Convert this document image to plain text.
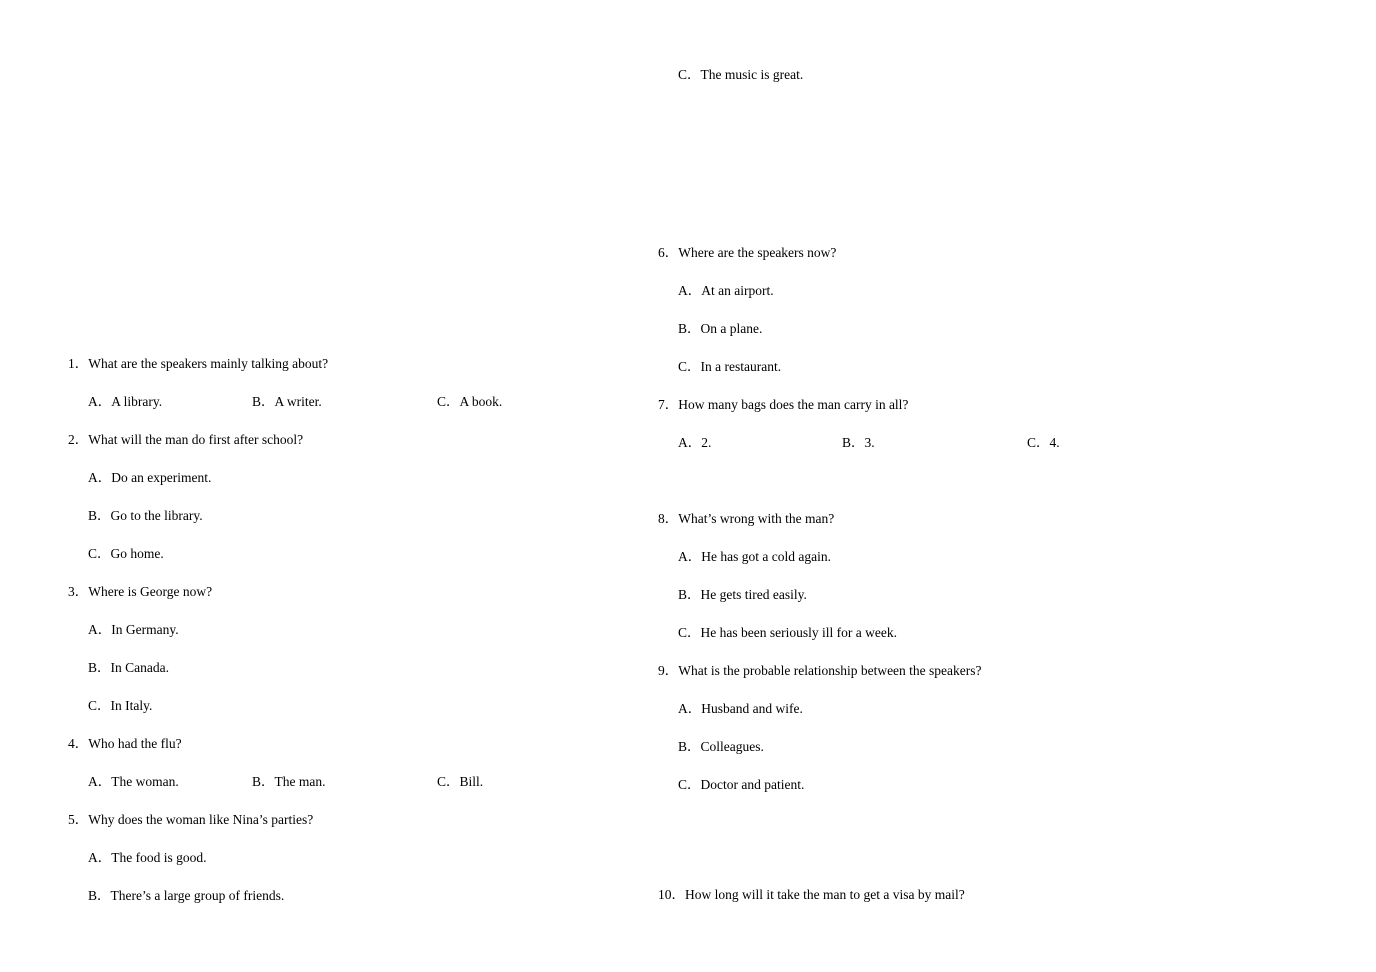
1．What are the speakers mainly talking about?
A．A library.	B．A writer.	C．A book.
2．What will the man do first after school?
A．Do an experiment.
B．Go to the library.
C．Go home.
3．Where is George now?
A．In Germany.
B．In Canada.
C．In Italy.
4．Who had the flu?
A．The woman.	B．The man.	C．Bill.
5．Why does the woman like Nina’s parties?
A．The food is good.
B．There’s a large group of friends.
C．The music is great.
6．Where are the speakers now?
A．At an airport.
B．On a plane.
C．In a restaurant.
7．How many bags does the man carry in all?
A．2.	B．3.	C．4.
8．What’s wrong with the man?
A．He has got a cold again.
B．He gets tired easily.
C．He has been seriously ill for a week.
9．What is the probable relationship between the speakers?
A．Husband and wife.
B．Colleagues.
C．Doctor and patient.
10．How long will it take the man to get a visa by mail?
